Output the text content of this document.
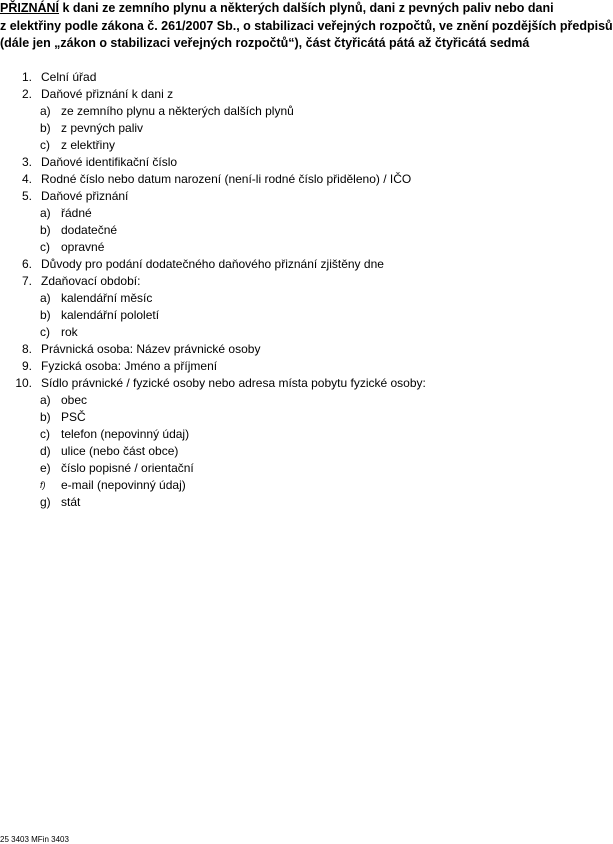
PŘIZNÁNÍ k dani ze zemního plynu a některých dalších plynů, dani z pevných paliv nebo dani
z elektřiny podle zákona č. 261/2007 Sb., o stabilizaci veřejných rozpočtů, ve znění pozdějších předpisů
(dále jen „zákon o stabilizaci veřejných rozpočtů“), část čtyřicátá pátá až čtyřicátá sedmá
1. Celní úřad
2. Daňové přiznání k dani z
a) ze zemního plynu a některých dalších plynů
b) z pevných paliv
c) z elektřiny
3. Daňové identifikační číslo
4. Rodné číslo nebo datum narození (není-li rodné číslo přiděleno) / IČO
5. Daňové přiznání
a) řádné
b) dodatečné
c) opravné
6. Důvody pro podání dodatečného daňového přiznání zjištěny dne
7. Zdaňovací období:
a) kalendářní měsíc
b) kalendářní pololetí
c) rok
8. Právnická osoba: Název právnické osoby
9. Fyzická osoba: Jméno a příjmení
10. Sídlo právnické / fyzické osoby nebo adresa místa pobytu fyzické osoby:
a) obec
b) PSČ
c) telefon (nepovinný údaj)
d) ulice (nebo část obce)
e) číslo popisné / orientační
f) e-mail (nepovinný údaj)
g) stát
25 3403 MFin 3403
